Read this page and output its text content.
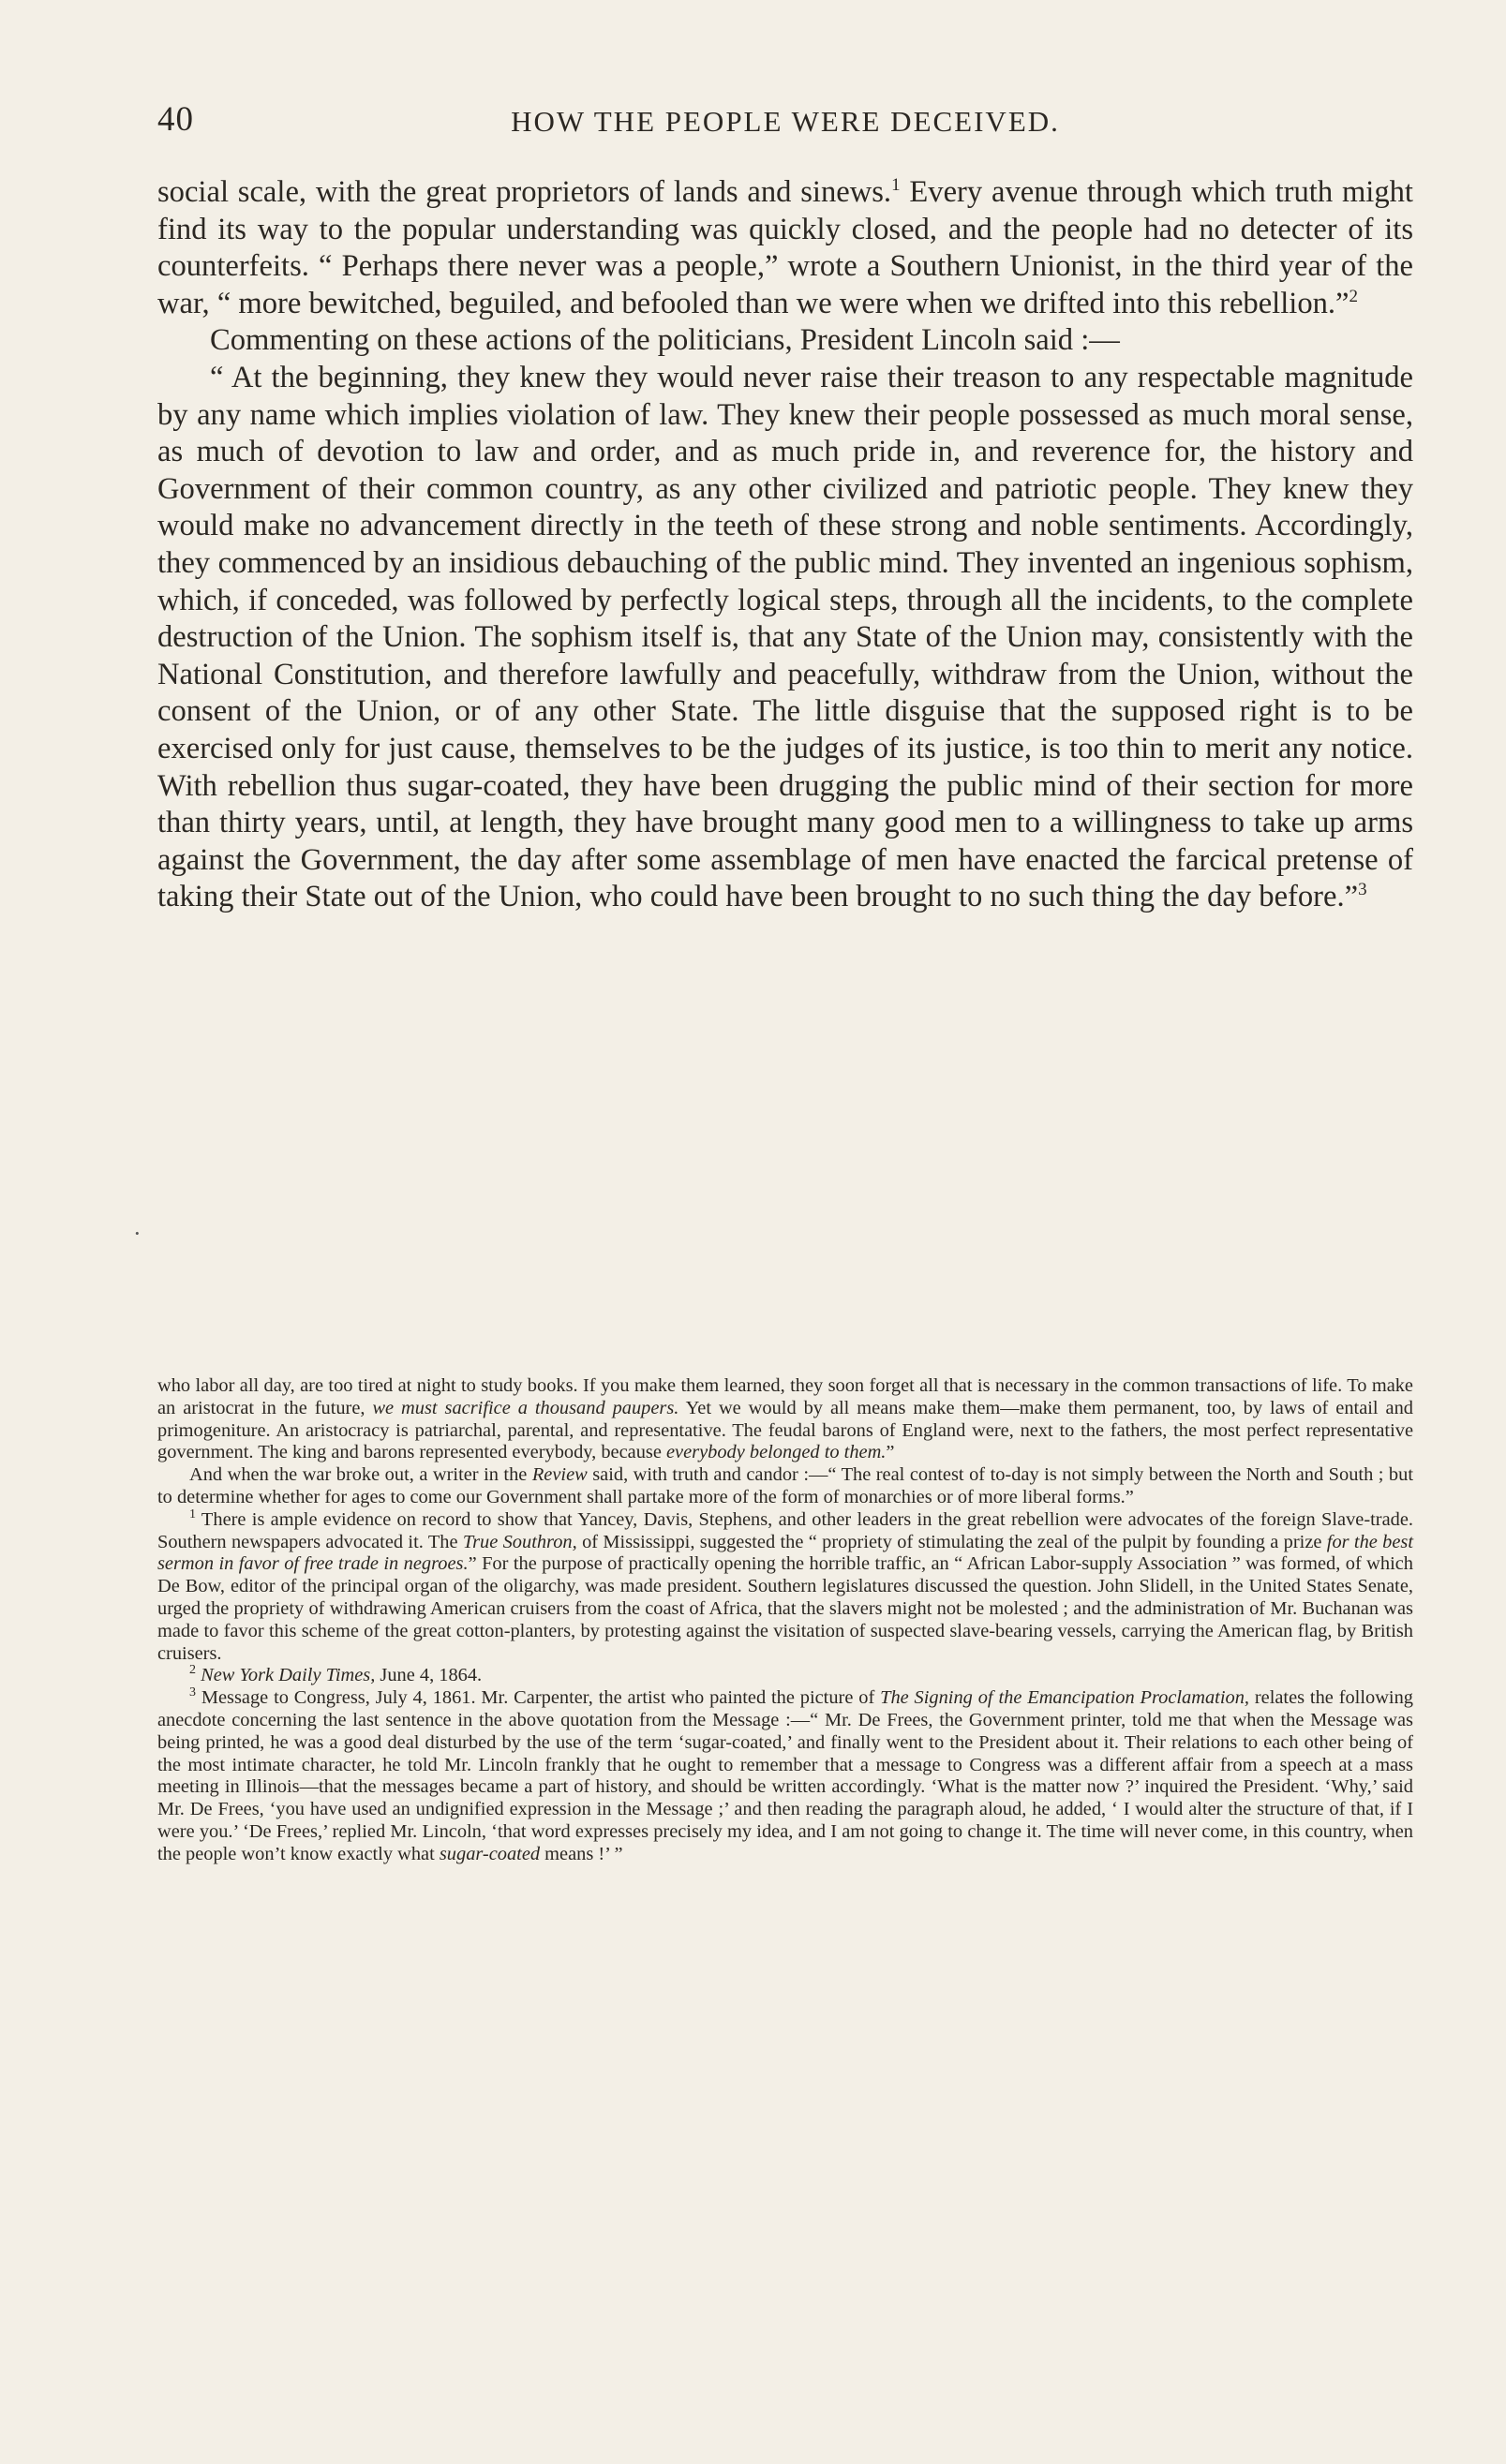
40	HOW THE PEOPLE WERE DECEIVED.

social scale, with the great proprietors of lands and sinews.$^1$ Every avenue through which truth might find its way to the popular understanding was quickly closed, and the people had no detecter of its counterfeits. “ Perhaps there never was a people,” wrote a Southern Unionist, in the third year of the war, “ more bewitched, beguiled, and befooled than we were when we drifted into this rebellion.”$^2$

Commenting on these actions of the politicians, President Lincoln said :—

“ At the beginning, they knew they would never raise their treason to any respectable magnitude by any name which implies violation of law. They knew their people possessed as much moral sense, as much of devotion to law and order, and as much pride in, and reverence for, the history and Government of their common country, as any other civilized and patriotic people. They knew they would make no advancement directly in the teeth of these strong and noble sentiments. Accordingly, they commenced by an insidious debauching of the public mind. They invented an ingenious sophism, which, if conceded, was followed by perfectly logical steps, through all the incidents, to the complete destruction of the Union. The sophism itself is, that any State of the Union may, consistently with the National Constitution, and therefore lawfully and peacefully, withdraw from the Union, without the consent of the Union, or of any other State. The little disguise that the supposed right is to be exercised only for just cause, themselves to be the judges of its justice, is too thin to merit any notice. With rebellion thus sugar-coated, they have been drugging the public mind of their section for more than thirty years, until, at length, they have brought many good men to a willingness to take up arms against the Government, the day after some assemblage of men have enacted the farcical pretense of taking their State out of the Union, who could have been brought to no such thing the day before.”$^3$

who labor all day, are too tired at night to study books. If you make them learned, they soon forget all that is necessary in the common transactions of life. To make an aristocrat in the future, we must sacrifice a thousand paupers. Yet we would by all means make them—make them permanent, too, by laws of entail and primogeniture. An aristocracy is patriarchal, parental, and representative. The feudal barons of England were, next to the fathers, the most perfect representative government. The king and barons represented everybody, because everybody belonged to them.”

And when the war broke out, a writer in the Review said, with truth and candor :—“ The real contest of to-day is not simply between the North and South ; but to determine whether for ages to come our Government shall partake more of the form of monarchies or of more liberal forms.”

$^1$ There is ample evidence on record to show that Yancey, Davis, Stephens, and other leaders in the great rebellion were advocates of the foreign Slave-trade. Southern newspapers advocated it. The True Southron, of Mississippi, suggested the “ propriety of stimulating the zeal of the pulpit by founding a prize for the best sermon in favor of free trade in negroes.” For the purpose of practically opening the horrible traffic, an “ African Labor-supply Association ” was formed, of which De Bow, editor of the principal organ of the oligarchy, was made president. Southern legislatures discussed the question. John Slidell, in the United States Senate, urged the propriety of withdrawing American cruisers from the coast of Africa, that the slavers might not be molested ; and the administration of Mr. Buchanan was made to favor this scheme of the great cotton-planters, by protesting against the visitation of suspected slave-bearing vessels, carrying the American flag, by British cruisers.

$^2$ New York Daily Times, June 4, 1864.

$^3$ Message to Congress, July 4, 1861. Mr. Carpenter, the artist who painted the picture of The Signing of the Emancipation Proclamation, relates the following anecdote concerning the last sentence in the above quotation from the Message :—“ Mr. De Frees, the Government printer, told me that when the Message was being printed, he was a good deal disturbed by the use of the term ‘sugar-coated,’ and finally went to the President about it. Their relations to each other being of the most intimate character, he told Mr. Lincoln frankly that he ought to remember that a message to Congress was a different affair from a speech at a mass meeting in Illinois—that the messages became a part of history, and should be written accordingly. ‘What is the matter now ?’ inquired the President. ‘Why,’ said Mr. De Frees, ‘you have used an undignified expression in the Message ;’ and then reading the paragraph aloud, he added, ‘ I would alter the structure of that, if I were you.’ ‘De Frees,’ replied Mr. Lincoln, ‘that word expresses precisely my idea, and I am not going to change it. The time will never come, in this country, when the people won’t know exactly what sugar-coated means !’ ”

·
